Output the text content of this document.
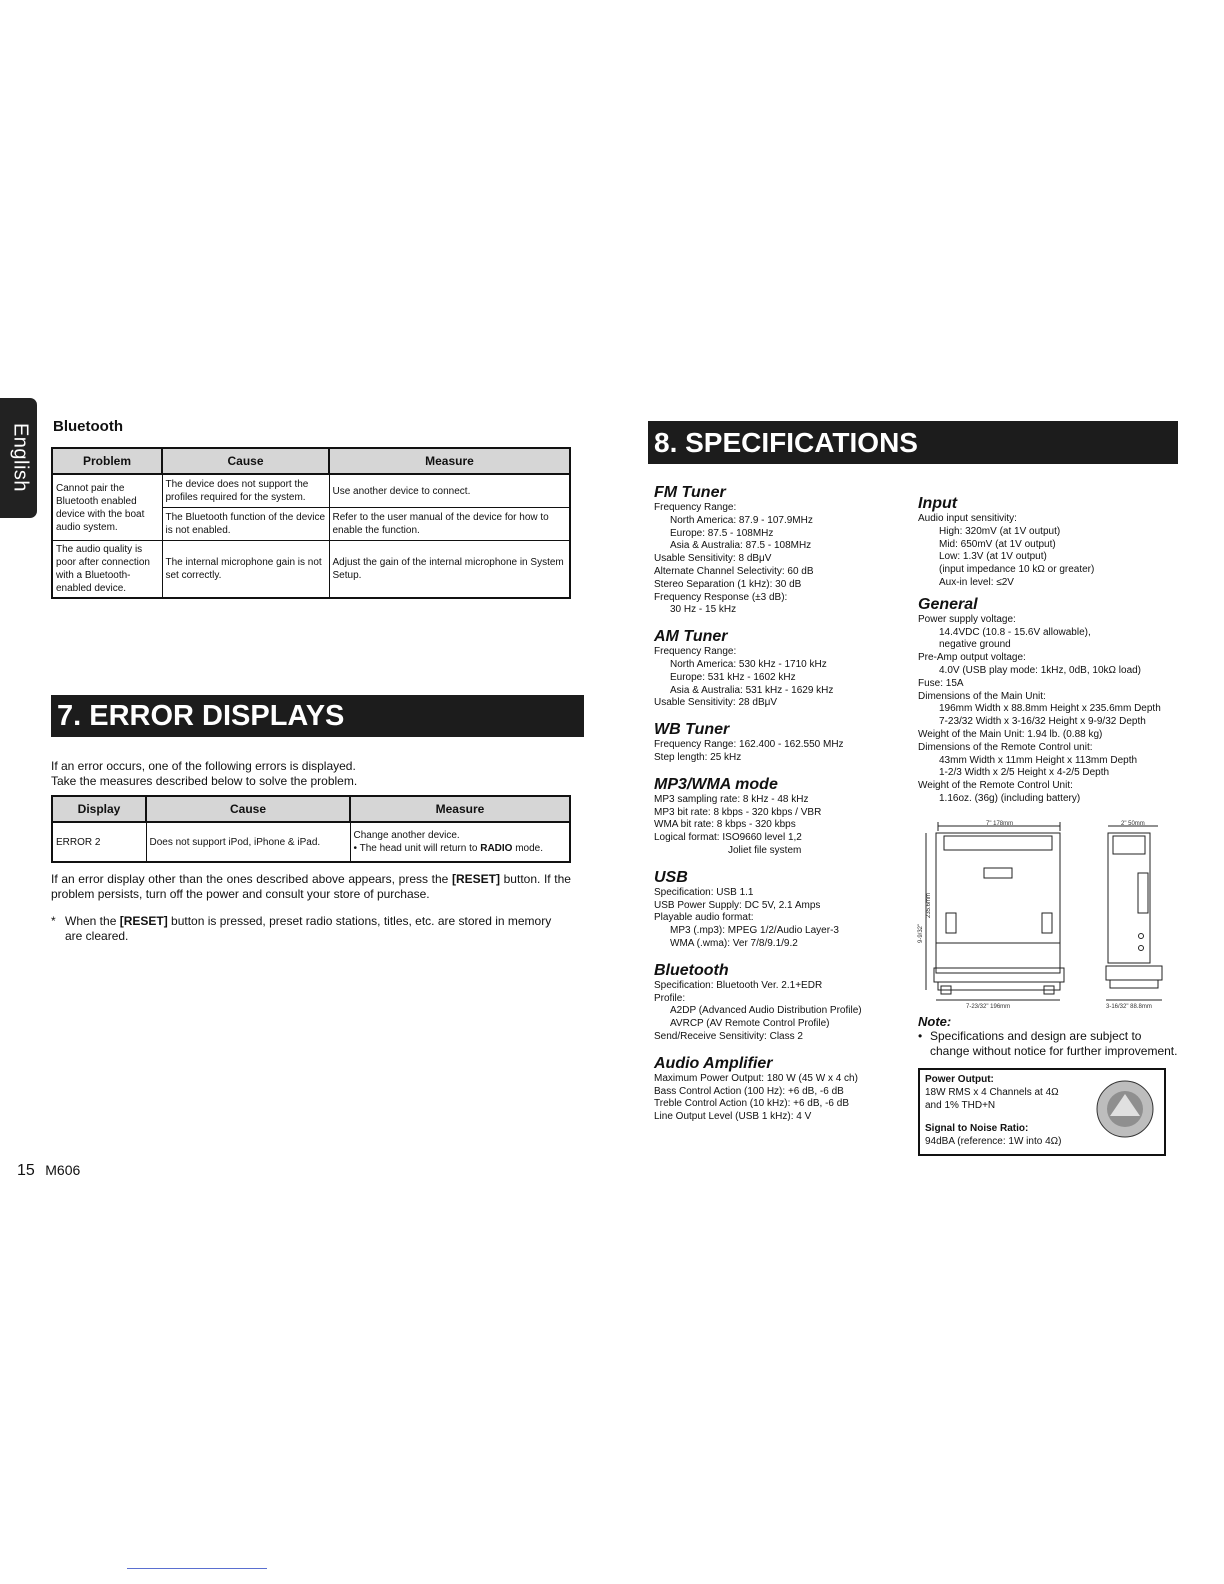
English Bluetooth
Problem	Cause	Measure
Cannot pair the Bluetooth enabled device with the boat audio system.	The device does not support the profiles required for the system.	Use another device to connect.
	The Bluetooth function of the device is not enabled.	Refer to the user manual of the device for how to enable the function.
The audio quality is poor after connection with a Bluetooth-enabled device.	The internal microphone gain is not set correctly.	Adjust the gain of the internal microphone in System Setup.
7. ERROR DISPLAYS
If an error occurs, one of the following errors is displayed.
Take the measures described below to solve the problem.
Display	Cause	Measure
ERROR 2	Does not support iPod, iPhone & iPad.	Change another device.
• The head unit will return to RADIO mode.
If an error display other than the ones described above appears, press the [RESET] button. If the problem persists, turn off the power and consult your store of purchase.
* When the [RESET] button is pressed, preset radio stations, titles, etc. are stored in memory are cleared.
15 M606
8. SPECIFICATIONS
FM Tuner
Frequency Range:
North America: 87.9 - 107.9MHz
Europe: 87.5 - 108MHz
Asia & Australia: 87.5 - 108MHz
Usable Sensitivity: 8 dBμV
Alternate Channel Selectivity: 60 dB
Stereo Separation (1 kHz): 30 dB
Frequency Response (±3 dB):
30 Hz - 15 kHz
AM Tuner
Frequency Range:
North America: 530 kHz - 1710 kHz
Europe: 531 kHz - 1602 kHz
Asia & Australia: 531 kHz - 1629 kHz
Usable Sensitivity: 28 dBμV
WB Tuner
Frequency Range: 162.400 - 162.550 MHz
Step length: 25 kHz
MP3/WMA mode
MP3 sampling rate: 8 kHz - 48 kHz
MP3 bit rate: 8 kbps - 320 kbps / VBR
WMA bit rate: 8 kbps - 320 kbps
Logical format: ISO9660 level 1,2
Joliet file system
USB
Specification: USB 1.1
USB Power Supply: DC 5V, 2.1 Amps
Playable audio format:
MP3 (.mp3): MPEG 1/2/Audio Layer-3
WMA (.wma): Ver 7/8/9.1/9.2
Bluetooth
Specification: Bluetooth Ver. 2.1+EDR
Profile:
A2DP (Advanced Audio Distribution Profile)
AVRCP (AV Remote Control Profile)
Send/Receive Sensitivity: Class 2
Audio Amplifier
Maximum Power Output: 180 W (45 W x 4 ch)
Bass Control Action (100 Hz): +6 dB, -6 dB
Treble Control Action (10 kHz): +6 dB, -6 dB
Line Output Level (USB 1 kHz): 4 V
Input
Audio input sensitivity:
High: 320mV (at 1V output)
Mid: 650mV (at 1V output)
Low: 1.3V (at 1V output)
(input impedance 10 kΩ or greater)
Aux-in level: ≤2V
General
Power supply voltage:
14.4VDC (10.8 - 15.6V allowable),
negative ground
Pre-Amp output voltage:
4.0V (USB play mode: 1kHz, 0dB, 10kΩ load)
Fuse: 15A
Dimensions of the Main Unit:
196mm Width x 88.8mm Height x 235.6mm Depth
7-23/32 Width x 3-16/32 Height x 9-9/32 Depth
Weight of the Main Unit: 1.94 lb. (0.88 kg)
Dimensions of the Remote Control unit:
43mm Width x 11mm Height x 113mm Depth
1-2/3 Width x 2/5 Height x 4-2/5 Depth
Weight of the Remote Control Unit:
1.16oz. (36g) (including battery)
7" 178mm	2" 50mm
7-23/32" 196mm	3-16/32" 88.8mm
9-9/32"
235.6mm
Note:
• Specifications and design are subject to change without notice for further improvement.
Power Output:
18W RMS x 4 Channels at 4Ω
and 1% THD+N
Signal to Noise Ratio:
94dBA (reference: 1W into 4Ω)
